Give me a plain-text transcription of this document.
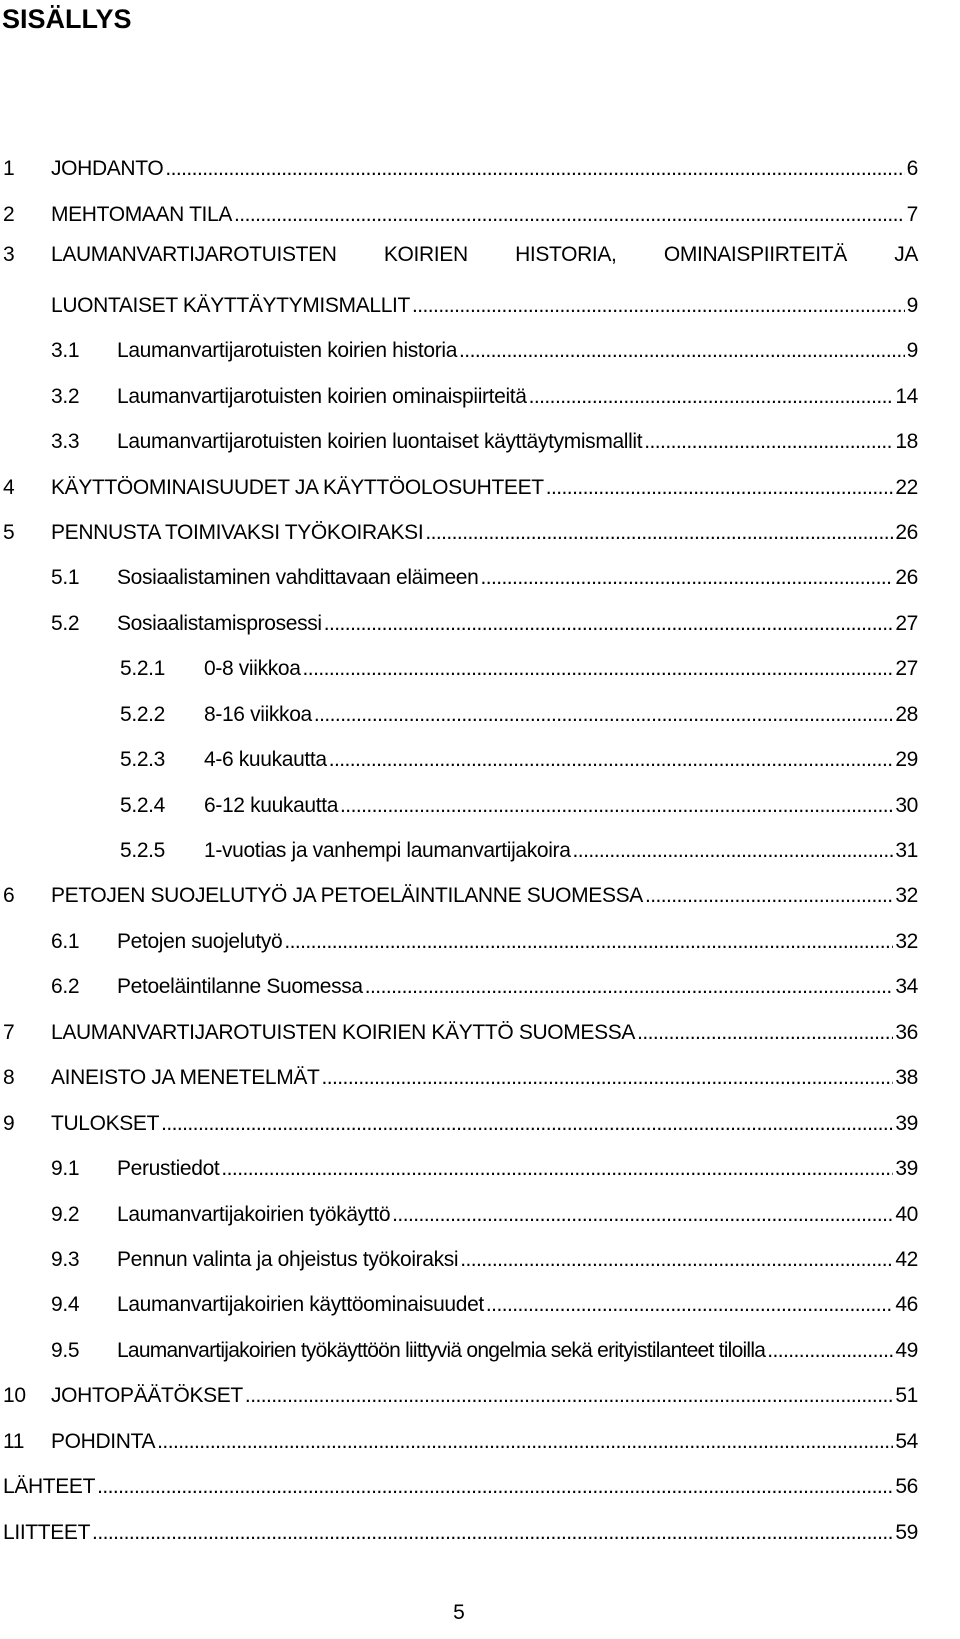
SISÄLLYS
1	JOHDANTO . . .	6
2	MEHTOMAAN TILA . . .	7
3	LAUMANVARTIJAROTUISTEN KOIRIEN HISTORIA, OMINAISPIIRTEITÄ JA
LUONTAISET KÄYTTÄYTYMISMALLIT . . .	9
3.1	Laumanvartijarotuisten koirien historia . . .	9
3.2	Laumanvartijarotuisten koirien ominaispiirteitä . . .	14
3.3	Laumanvartijarotuisten koirien luontaiset käyttäytymismallit . . .	18
4	KÄYTTÖOMINAISUUDET JA KÄYTTÖOLOSUHTEET . . .	22
5	PENNUSTA TOIMIVAKSI TYÖKOIRAKSI . . .	26
5.1	Sosiaalistaminen vahdittavaan eläimeen . . .	26
5.2	Sosiaalistamisprosessi . . .	27
5.2.1	0-8 viikkoa . . .	27
5.2.2	8-16 viikkoa . . .	28
5.2.3	4-6 kuukautta . . .	29
5.2.4	6-12 kuukautta . . .	30
5.2.5	1-vuotias ja vanhempi laumanvartijakoira . . .	31
6	PETOJEN SUOJELUTYÖ JA PETOELÄINTILANNE SUOMESSA . . .	32
6.1	Petojen suojelutyö . . .	32
6.2	Petoeläintilanne Suomessa . . .	34
7	LAUMANVARTIJAROTUISTEN KOIRIEN KÄYTTÖ SUOMESSA . . .	36
8	AINEISTO JA MENETELMÄT . . .	38
9	TULOKSET . . .	39
9.1	Perustiedot . . .	39
9.2	Laumanvartijakoirien työkäyttö . . .	40
9.3	Pennun valinta ja ohjeistus työkoiraksi . . .	42
9.4	Laumanvartijakoirien käyttöominaisuudet . . .	46
9.5	Laumanvartijakoirien työkäyttöön liittyviä ongelmia sekä erityistilanteet tiloilla . . .	49
10	JOHTOPÄÄTÖKSET . . .	51
11	POHDINTA . . .	54
LÄHTEET . . .	56
LIITTEET . . .	59
5
